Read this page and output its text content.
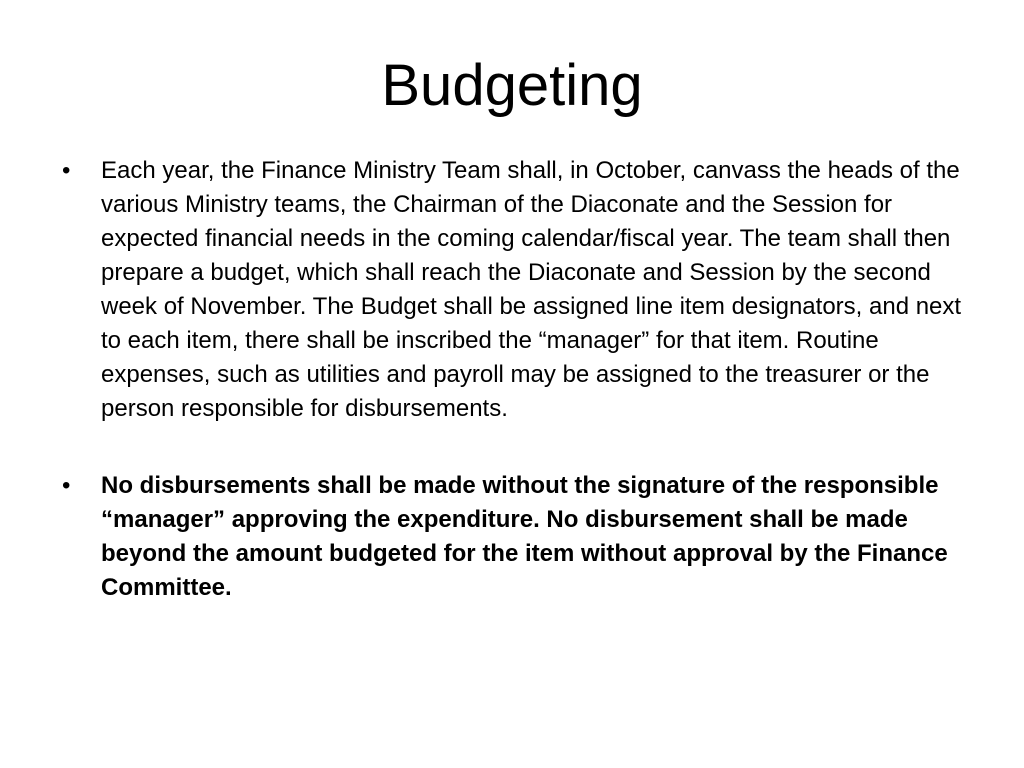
Budgeting
•	Each year, the Finance Ministry Team shall, in October, canvass the heads of the various Ministry teams, the Chairman of the Diaconate and the Session for expected financial needs in the coming calendar/fiscal year. The team shall then prepare a budget, which shall reach the Diaconate and Session by the second week of November. The Budget shall be assigned line item designators, and next to each item, there shall be inscribed the “manager” for that item. Routine expenses, such as utilities and payroll may be assigned to the treasurer or the person responsible for disbursements.
•	No disbursements shall be made without the signature of the responsible “manager” approving the expenditure. No disbursement shall be made beyond the amount budgeted for the item without approval by the Finance Committee.
